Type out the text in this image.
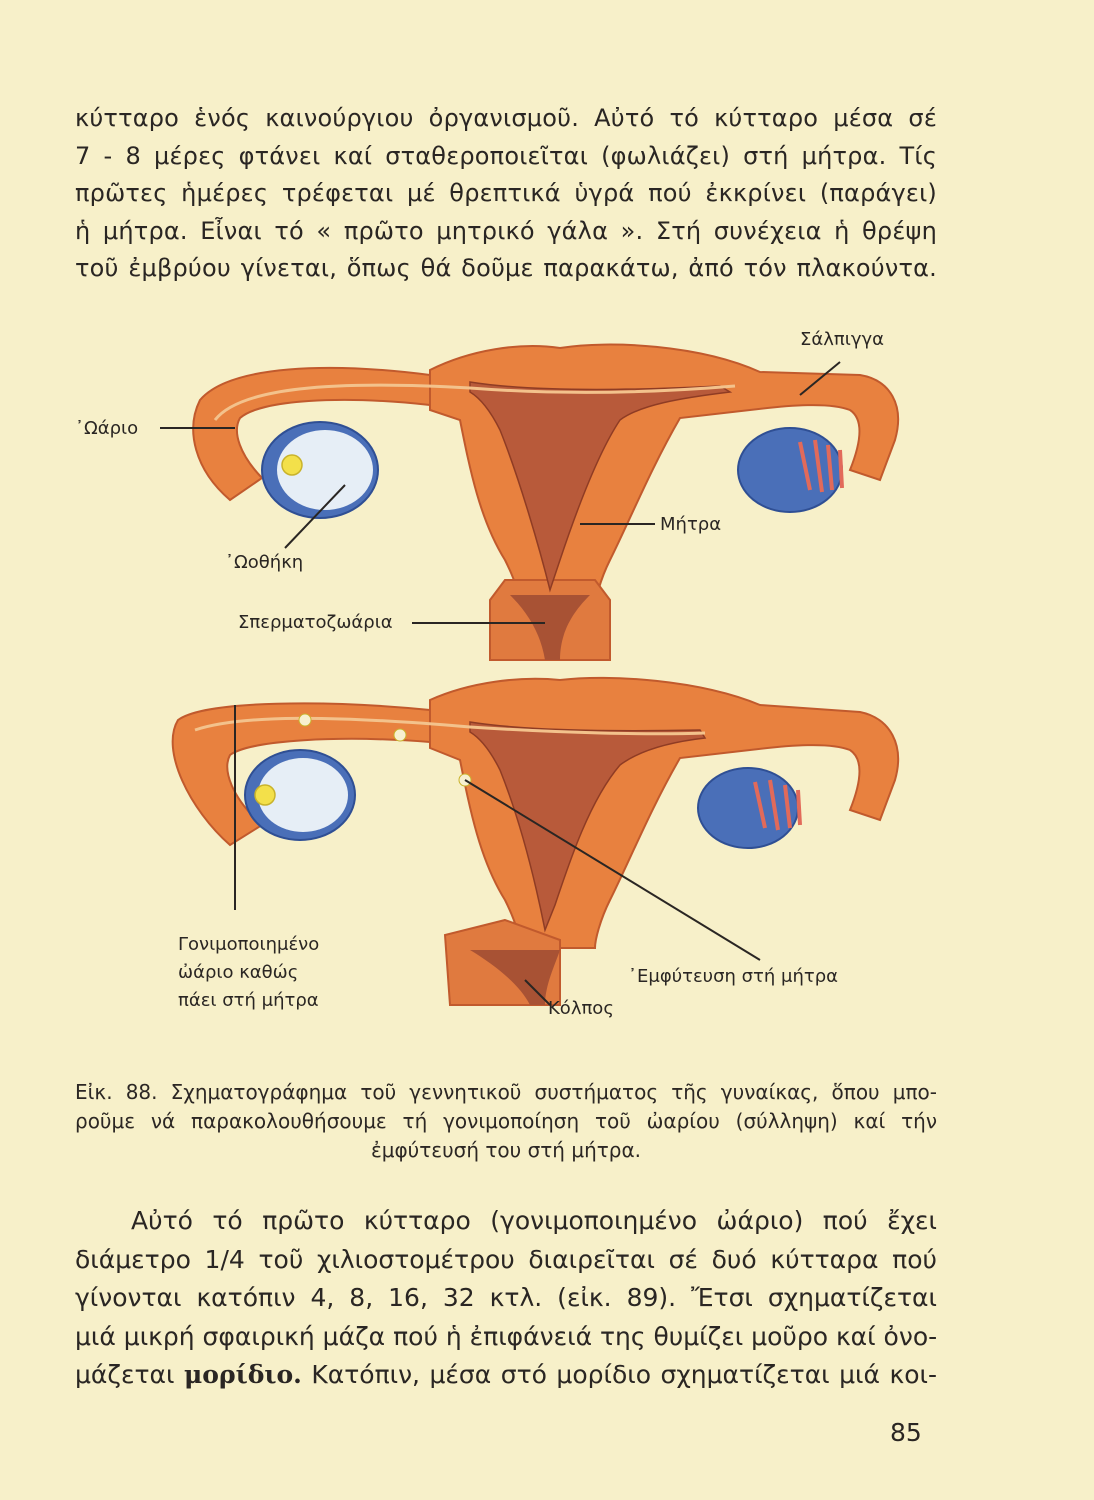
κύτταρο ἑνός καινούργιου ὀργανισμοῦ. Αὐτό τό κύτταρο μέσα σέ
7 - 8 μέρες φτάνει καί σταθεροποιεῖται (φωλιάζει) στή μήτρα. Τίς
πρῶτες ἡμέρες τρέφεται μέ θρεπτικά ὑγρά πού ἐκκρίνει (παράγει)
ἡ μήτρα. Εἶναι τό « πρῶτο μητρικό γάλα ». Στή συνέχεια ἡ θρέψη
τοῦ ἐμβρύου γίνεται, ὅπως θά δοῦμε παρακάτω, ἀπό τόν πλακούντα.
Σάλπιγγα
᾿Ωάριο
᾿Ωοθήκη
Μήτρα
Σπερματοζωάρια
Γονιμοποιημένο
ὠάριο καθώς
πάει στή μήτρα
᾿Εμφύτευση στή μήτρα
Κόλπος
Εἰκ. 88. Σχηματογράφημα τοῦ γεννητικοῦ συστήματος τῆς γυναίκας, ὅπου μπο-
ροῦμε νά παρακολουθήσουμε τή γονιμοποίηση τοῦ ὠαρίου (σύλληψη) καί τήν
ἐμφύτευσή του στή μήτρα.
Αὐτό τό πρῶτο κύτταρο (γονιμοποιημένο ὠάριο) πού ἔχει
διάμετρο 1/4 τοῦ χιλιοστομέτρου διαιρεῖται σέ δυό κύτταρα πού
γίνονται κατόπιν 4, 8, 16, 32 κτλ. (εἰκ. 89). Ἔτσι σχηματίζεται
μιά μικρή σφαιρική μάζα πού ἡ ἐπιφάνειά της θυμίζει μοῦρο καί ὀνο-
μάζεται μορίδιο. Κατόπιν, μέσα στό μορίδιο σχηματίζεται μιά κοι-
85
